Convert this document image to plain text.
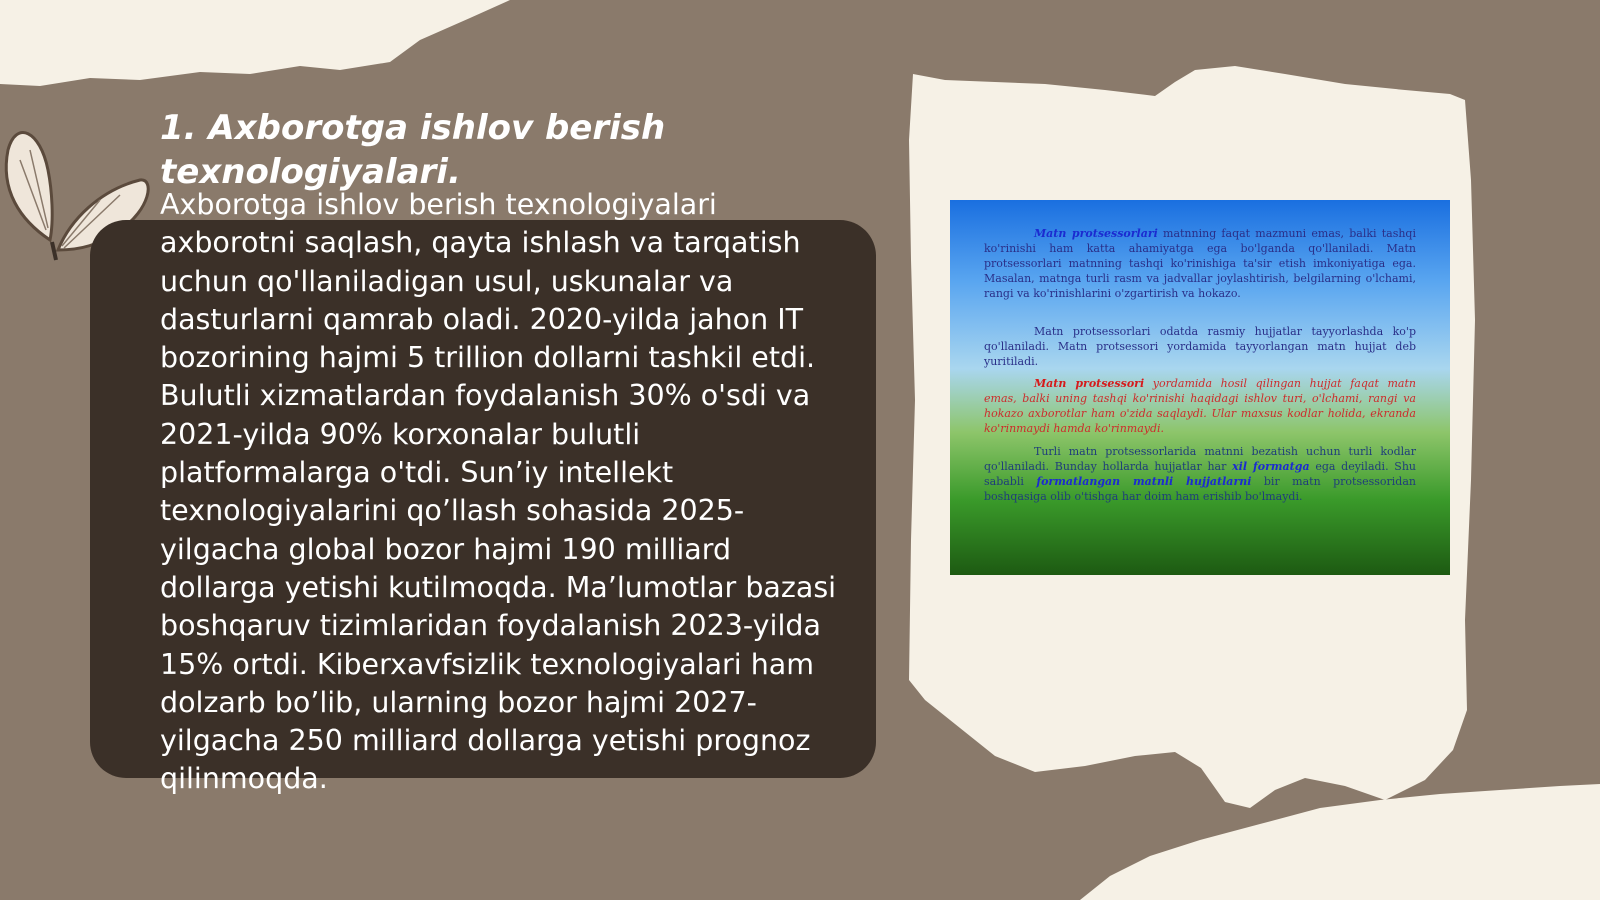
1. Axborotga ishlov berish texnologiyalari.

Axborotga ishlov berish texnologiyalari axborotni saqlash, qayta ishlash va tarqatish uchun qo'llaniladigan usul, uskunalar va dasturlarni qamrab oladi. 2020-yilda jahon IT bozorining hajmi 5 trillion dollarni tashkil etdi. Bulutli xizmatlardan foydalanish 30% o'sdi va 2021-yilda 90% korxonalar bulutli platformalarga o'tdi. Sun’iy intellekt texnologiyalarini qo’llash sohasida 2025-yilgacha global bozor hajmi 190 milliard dollarga yetishi kutilmoqda. Ma’lumotlar bazasi boshqaruv tizimlaridan foydalanish 2023-yilda 15% ortdi. Kiberxavfsizlik texnologiyalari ham dolzarb bo’lib, ularning bozor hajmi 2027-yilgacha 250 milliard dollarga yetishi prognoz qilinmoqda.

Matn protsessorlari matnning faqat mazmuni emas, balki tashqi ko'rinishi ham katta ahamiyatga ega bo'lganda qo'llaniladi. Matn protsessorlari matnning tashqi ko'rinishiga ta'sir etish imkoniyatiga ega. Masalan, matnga turli rasm va jadvallar joylashtirish, belgilarning o'lchami, rangi va ko'rinishlarini o'zgartirish va hokazo.

Matn protsessorlari odatda rasmiy hujjatlar tayyorlashda ko'p qo'llaniladi. Matn protsessori yordamida tayyorlangan matn hujjat deb yuritiladi.

Matn protsessori yordamida hosil qilingan hujjat faqat matn emas, balki uning tashqi ko'rinishi haqidagi ishlov turi, o'lchami, rangi va hokazo axborotlar ham o'zida saqlaydi. Ular maxsus kodlar holida, ekranda ko'rinmaydi hamda ko'rinmaydi.

Turli matn protsessorlarida matnni bezatish uchun turli kodlar qo'llaniladi. Bunday hollarda hujjatlar har xil formatga ega deyiladi. Shu sababli formatlangan matnli hujjatlarni bir matn protsessoridan boshqasiga olib o'tishga har doim ham erishib bo'lmaydi.
